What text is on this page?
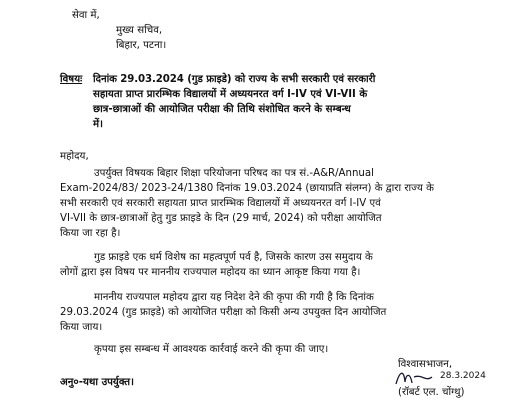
सेवा में,
मुख्य सचिव,
बिहार, पटना।
विषयः दिनांक 29.03.2024 (गुड फ्राइडे) को राज्य के सभी सरकारी एवं सरकारी
सहायता प्राप्त प्रारम्भिक विद्यालयों में अध्ययनरत वर्ग I-IV एवं VI-VII के
छात्र-छात्राओं की आयोजित परीक्षा की तिथि संशोधित करने के सम्बन्ध
में।
महोदय,
उपर्युक्त विषयक बिहार शिक्षा परियोजना परिषद का पत्र सं.-A&R/Annual
Exam-2024/83/ 2023-24/1380 दिनांक 19.03.2024 (छायाप्रति संलग्न) के द्वारा राज्य के
सभी सरकारी एवं सरकारी सहायता प्राप्त प्रारम्भिक विद्यालयों में अध्ययनरत वर्ग I-IV एवं
VI-VII के छात्र-छात्राओं हेतु गुड फ्राइडे के दिन (29 मार्च, 2024) को परीक्षा आयोजित
किया जा रहा है।
गुड फ्राइडे एक धर्म विशेष का महत्वपूर्ण पर्व है, जिसके कारण उस समुदाय के
लोगों द्वारा इस विषय पर माननीय राज्यपाल महोदय का ध्यान आकृष्ट किया गया है।
माननीय राज्यपाल महोदय द्वारा यह निदेश देने की कृपा की गयी है कि दिनांक
29.03.2024 (गुड फ्राइडे) को आयोजित परीक्षा को किसी अन्य उपयुक्त दिन आयोजित
किया जाय।
कृपया इस सम्बन्ध में आवश्यक कार्रवाई करने की कृपा की जाए।
विश्वासभाजन,
अनु०-यथा उपर्युक्त।
28.3.2024
(रॉबर्ट एल. चोंग्थु)
